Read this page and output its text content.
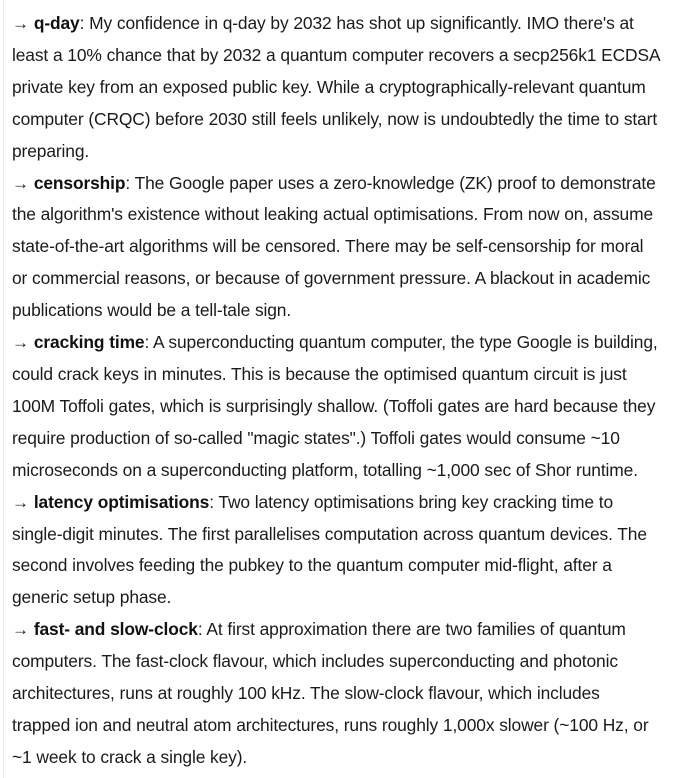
→ q-day: My confidence in q-day by 2032 has shot up significantly. IMO there's at least a 10% chance that by 2032 a quantum computer recovers a secp256k1 ECDSA private key from an exposed public key. While a cryptographically-relevant quantum computer (CRQC) before 2030 still feels unlikely, now is undoubtedly the time to start preparing.

→ censorship: The Google paper uses a zero-knowledge (ZK) proof to demonstrate the algorithm's existence without leaking actual optimisations. From now on, assume state-of-the-art algorithms will be censored. There may be self-censorship for moral or commercial reasons, or because of government pressure. A blackout in academic publications would be a tell-tale sign.

→ cracking time: A superconducting quantum computer, the type Google is building, could crack keys in minutes. This is because the optimised quantum circuit is just 100M Toffoli gates, which is surprisingly shallow. (Toffoli gates are hard because they require production of so-called "magic states".) Toffoli gates would consume ~10 microseconds on a superconducting platform, totalling ~1,000 sec of Shor runtime.

→ latency optimisations: Two latency optimisations bring key cracking time to single-digit minutes. The first parallelises computation across quantum devices. The second involves feeding the pubkey to the quantum computer mid-flight, after a generic setup phase.

→ fast- and slow-clock: At first approximation there are two families of quantum computers. The fast-clock flavour, which includes superconducting and photonic architectures, runs at roughly 100 kHz. The slow-clock flavour, which includes trapped ion and neutral atom architectures, runs roughly 1,000x slower (~100 Hz, or ~1 week to crack a single key).
